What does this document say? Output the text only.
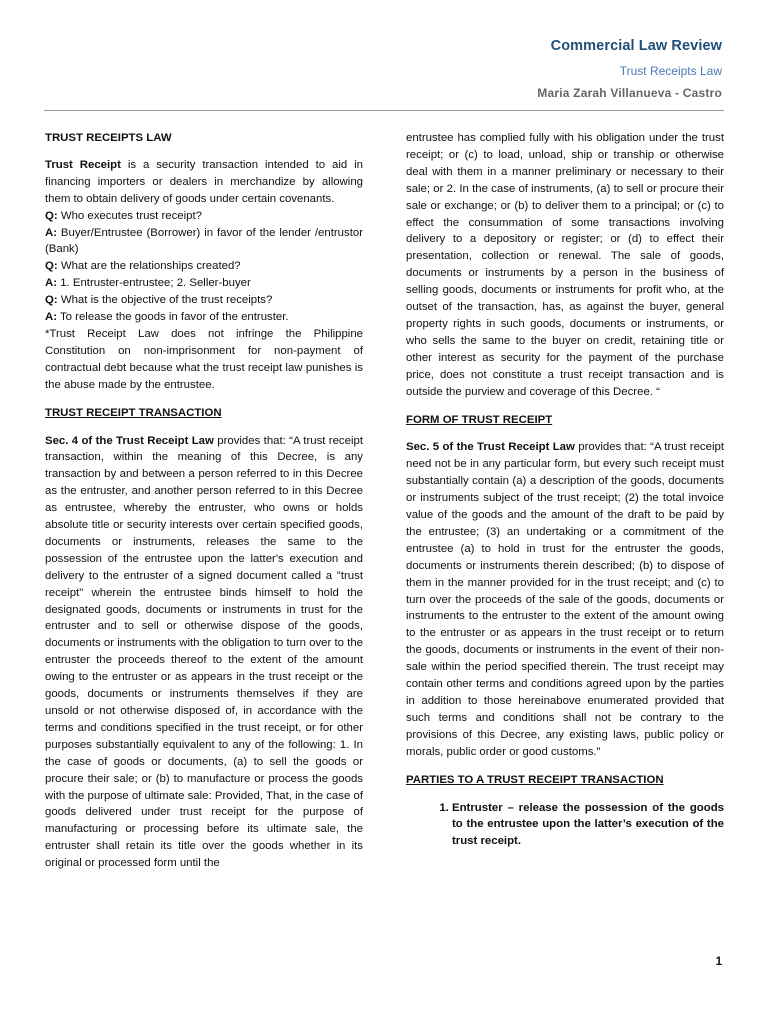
Commercial Law Review
Trust Receipts Law
Maria Zarah Villanueva - Castro

TRUST RECEIPTS LAW

Trust Receipt is a security transaction intended to aid in financing importers or dealers in merchandize by allowing them to obtain delivery of goods under certain covenants.

Q: Who executes trust receipt?

A: Buyer/Entrustee (Borrower) in favor of the lender /entrustor (Bank)

Q: What are the relationships created?

A: 1. Entruster-entrustee; 2. Seller-buyer

Q: What is the objective of the trust receipts?

A: To release the goods in favor of the entruster.

*Trust Receipt Law does not infringe the Philippine Constitution on non-imprisonment for non-payment of contractual debt because what the trust receipt law punishes is the abuse made by the entrustee.

TRUST RECEIPT TRANSACTION

Sec. 4 of the Trust Receipt Law provides that: “A trust receipt transaction, within the meaning of this Decree, is any transaction by and between a person referred to in this Decree as the entruster, and another person referred to in this Decree as entrustee, whereby the entruster, who owns or holds absolute title or security interests over certain specified goods, documents or instruments, releases the same to the possession of the entrustee upon the latter's execution and delivery to the entruster of a signed document called a "trust receipt" wherein the entrustee binds himself to hold the designated goods, documents or instruments in trust for the entruster and to sell or otherwise dispose of the goods, documents or instruments with the obligation to turn over to the entruster the proceeds thereof to the extent of the amount owing to the entruster or as appears in the trust receipt or the goods, documents or instruments themselves if they are unsold or not otherwise disposed of, in accordance with the terms and conditions specified in the trust receipt, or for other purposes substantially equivalent to any of the following: 1. In the case of goods or documents, (a) to sell the goods or procure their sale; or (b) to manufacture or process the goods with the purpose of ultimate sale: Provided, That, in the case of goods delivered under trust receipt for the purpose of manufacturing or processing before its ultimate sale, the entruster shall retain its title over the goods whether in its original or processed form until the

entrustee has complied fully with his obligation under the trust receipt; or (c) to load, unload, ship or tranship or otherwise deal with them in a manner preliminary or necessary to their sale; or 2. In the case of instruments, (a) to sell or procure their sale or exchange; or (b) to deliver them to a principal; or (c) to effect the consummation of some transactions involving delivery to a depository or register; or (d) to effect their presentation, collection or renewal. The sale of goods, documents or instruments by a person in the business of selling goods, documents or instruments for profit who, at the outset of the transaction, has, as against the buyer, general property rights in such goods, documents or instruments, or who sells the same to the buyer on credit, retaining title or other interest as security for the payment of the purchase price, does not constitute a trust receipt transaction and is outside the purview and coverage of this Decree. “

FORM OF TRUST RECEIPT

Sec. 5 of the Trust Receipt Law provides that: “A trust receipt need not be in any particular form, but every such receipt must substantially contain (a) a description of the goods, documents or instruments subject of the trust receipt; (2) the total invoice value of the goods and the amount of the draft to be paid by the entrustee; (3) an undertaking or a commitment of the entrustee (a) to hold in trust for the entruster the goods, documents or instruments therein described; (b) to dispose of them in the manner provided for in the trust receipt; and (c) to turn over the proceeds of the sale of the goods, documents or instruments to the entruster to the extent of the amount owing to the entruster or as appears in the trust receipt or to return the goods, documents or instruments in the event of their non-sale within the period specified therein. The trust receipt may contain other terms and conditions agreed upon by the parties in addition to those hereinabove enumerated provided that such terms and conditions shall not be contrary to the provisions of this Decree, any existing laws, public policy or morals, public order or good customs.”

PARTIES TO A TRUST RECEIPT TRANSACTION

1. Entruster – release the possession of the goods to the entrustee upon the latter’s execution of the trust receipt.
1
